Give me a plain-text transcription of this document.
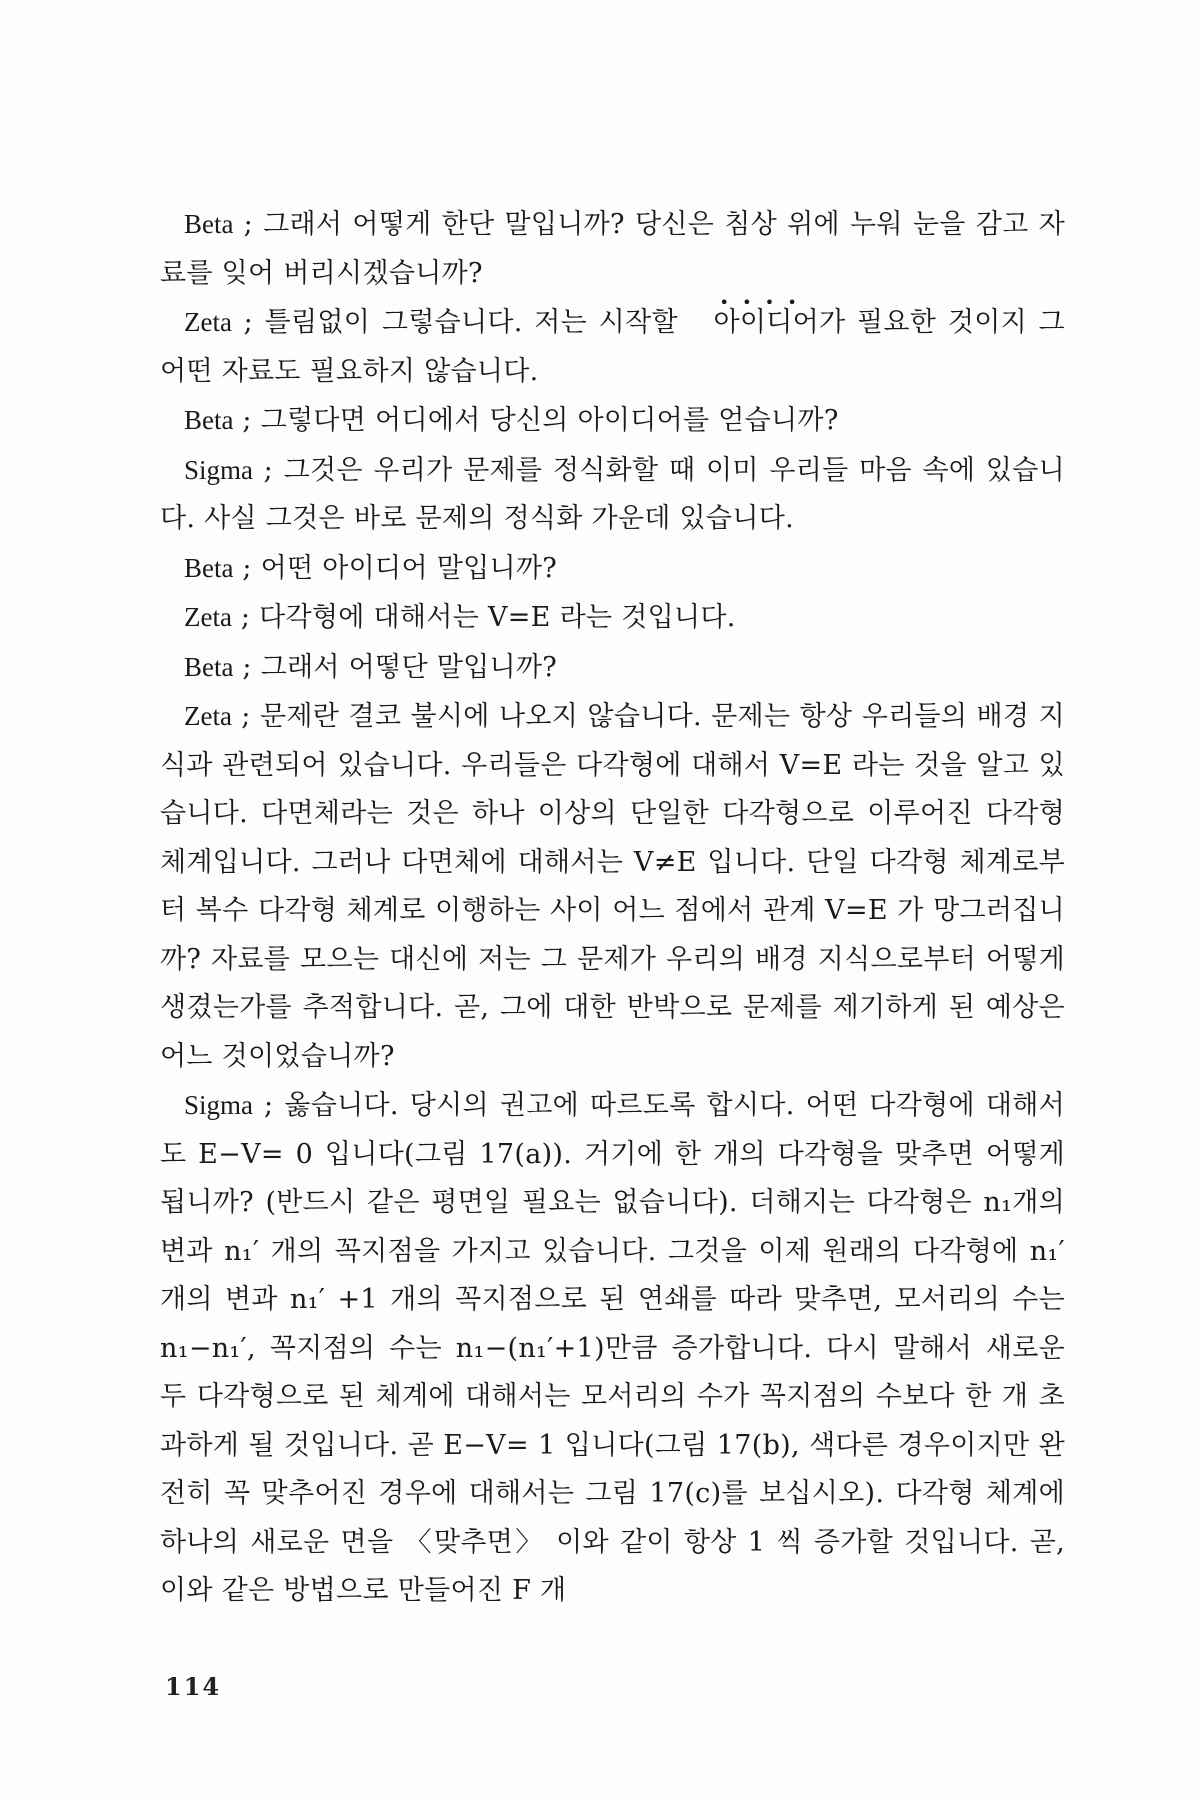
Beta ; 그래서 어떻게 한단 말입니까? 당신은 침상 위에 누워 눈을 감고 자료를 잊어 버리시겠습니까?

Zeta ; 틀림없이 그렇습니다. 저는 시작할 • • 아이디어가 필요한 것이지 그 어떤 자료도 필요하지 않습니다.

Beta ; 그렇다면 어디에서 당신의 아이디어를 얻습니까?

Sigma ; 그것은 우리가 문제를 정식화할 때 이미 우리들 마음 속에 있습니다. 사실 그것은 바로 문제의 정식화 가운데 있습니다.

Beta ; 어떤 아이디어 말입니까?

Zeta ; 다각형에 대해서는 V=E 라는 것입니다.

Beta ; 그래서 어떻단 말입니까?

Zeta ; 문제란 결코 불시에 나오지 않습니다. 문제는 항상 우리들의 배경 지식과 관련되어 있습니다. 우리들은 다각형에 대해서 V=E 라는 것을 알고 있습니다. 다면체라는 것은 하나 이상의 단일한 다각형으로 이루어진 다각형 체계입니다. 그러나 다면체에 대해서는 V≠E 입니다. 단일 다각형 체계로부터 복수 다각형 체계로 이행하는 사이 어느 점에서 관계 V=E 가 망그러집니까? 자료를 모으는 대신에 저는 그 문제가 우리의 배경 지식으로부터 어떻게 생겼는가를 추적합니다. 곧, 그에 대한 반박으로 문제를 제기하게 된 예상은 어느 것이었습니까?

Sigma ; 옳습니다. 당시의 권고에 따르도록 합시다. 어떤 다각형에 대해서도 E−V= 0 입니다(그림 17(a)). 거기에 한 개의 다각형을 맞추면 어떻게 됩니까? (반드시 같은 평면일 필요는 없습니다). 더해지는 다각형은 n₁개의 변과 n₁′ 개의 꼭지점을 가지고 있습니다. 그것을 이제 원래의 다각형에 n₁′개의 변과 n₁′ +1 개의 꼭지점으로 된 연쇄를 따라 맞추면, 모서리의 수는 n₁−n₁′, 꼭지점의 수는 n₁−(n₁′+1)만큼 증가합니다. 다시 말해서 새로운 두 다각형으로 된 체계에 대해서는 모서리의 수가 꼭지점의 수보다 한 개 초과하게 될 것입니다. 곧 E−V= 1 입니다(그림 17(b), 색다른 경우이지만 완전히 꼭 맞추어진 경우에 대해서는 그림 17(c)를 보십시오). 다각형 체계에 하나의 새로운 면을 〈맞추면〉 이와 같이 항상 1 씩 증가할 것입니다. 곧, 이와 같은 방법으로 만들어진 F 개

114
